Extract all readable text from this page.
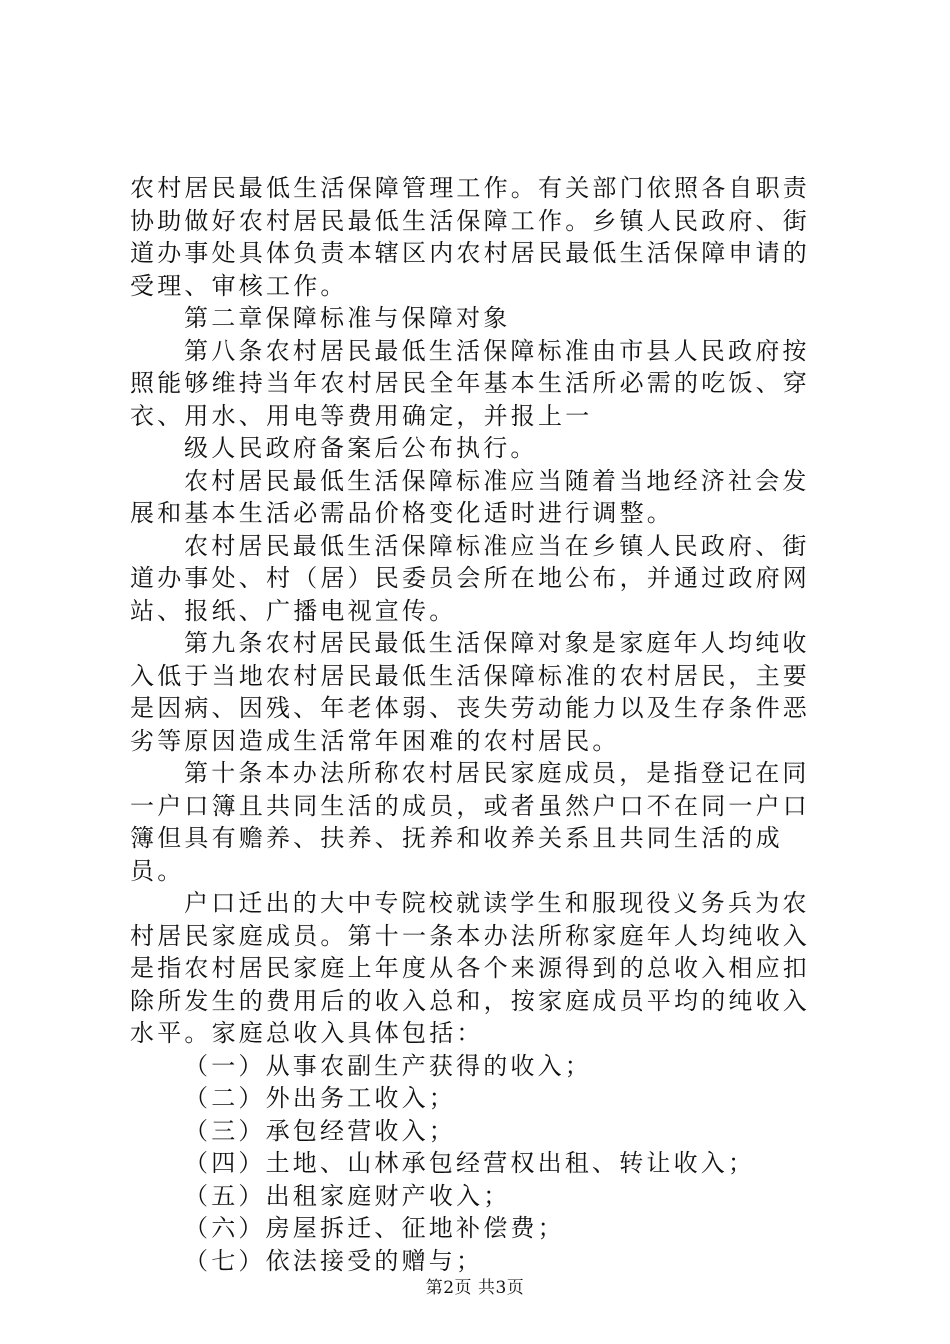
农村居民最低生活保障管理工作。有关部门依照各自职责协助做好农村居民最低生活保障工作。乡镇人民政府、街道办事处具体负责本辖区内农村居民最低生活保障申请的受理、审核工作。

第二章保障标准与保障对象

第八条农村居民最低生活保障标准由市县人民政府按照能够维持当年农村居民全年基本生活所必需的吃饭、穿衣、用水、用电等费用确定，并报上一

级人民政府备案后公布执行。

农村居民最低生活保障标准应当随着当地经济社会发展和基本生活必需品价格变化适时进行调整。

农村居民最低生活保障标准应当在乡镇人民政府、街道办事处、村（居）民委员会所在地公布，并通过政府网站、报纸、广播电视宣传。

第九条农村居民最低生活保障对象是家庭年人均纯收入低于当地农村居民最低生活保障标准的农村居民，主要是因病、因残、年老体弱、丧失劳动能力以及生存条件恶劣等原因造成生活常年困难的农村居民。

第十条本办法所称农村居民家庭成员，是指登记在同一户口簿且共同生活的成员，或者虽然户口不在同一户口簿但具有赡养、扶养、抚养和收养关系且共同生活的成员。

户口迁出的大中专院校就读学生和服现役义务兵为农村居民家庭成员。第十一条本办法所称家庭年人均纯收入是指农村居民家庭上年度从各个来源得到的总收入相应扣除所发生的费用后的收入总和，按家庭成员平均的纯收入水平。家庭总收入具体包括：

（一）从事农副生产获得的收入；

（二）外出务工收入；

（三）承包经营收入；

（四）土地、山林承包经营权出租、转让收入；

（五）出租家庭财产收入；

（六）房屋拆迁、征地补偿费；

（七）依法接受的赠与；

第2页 共3页
